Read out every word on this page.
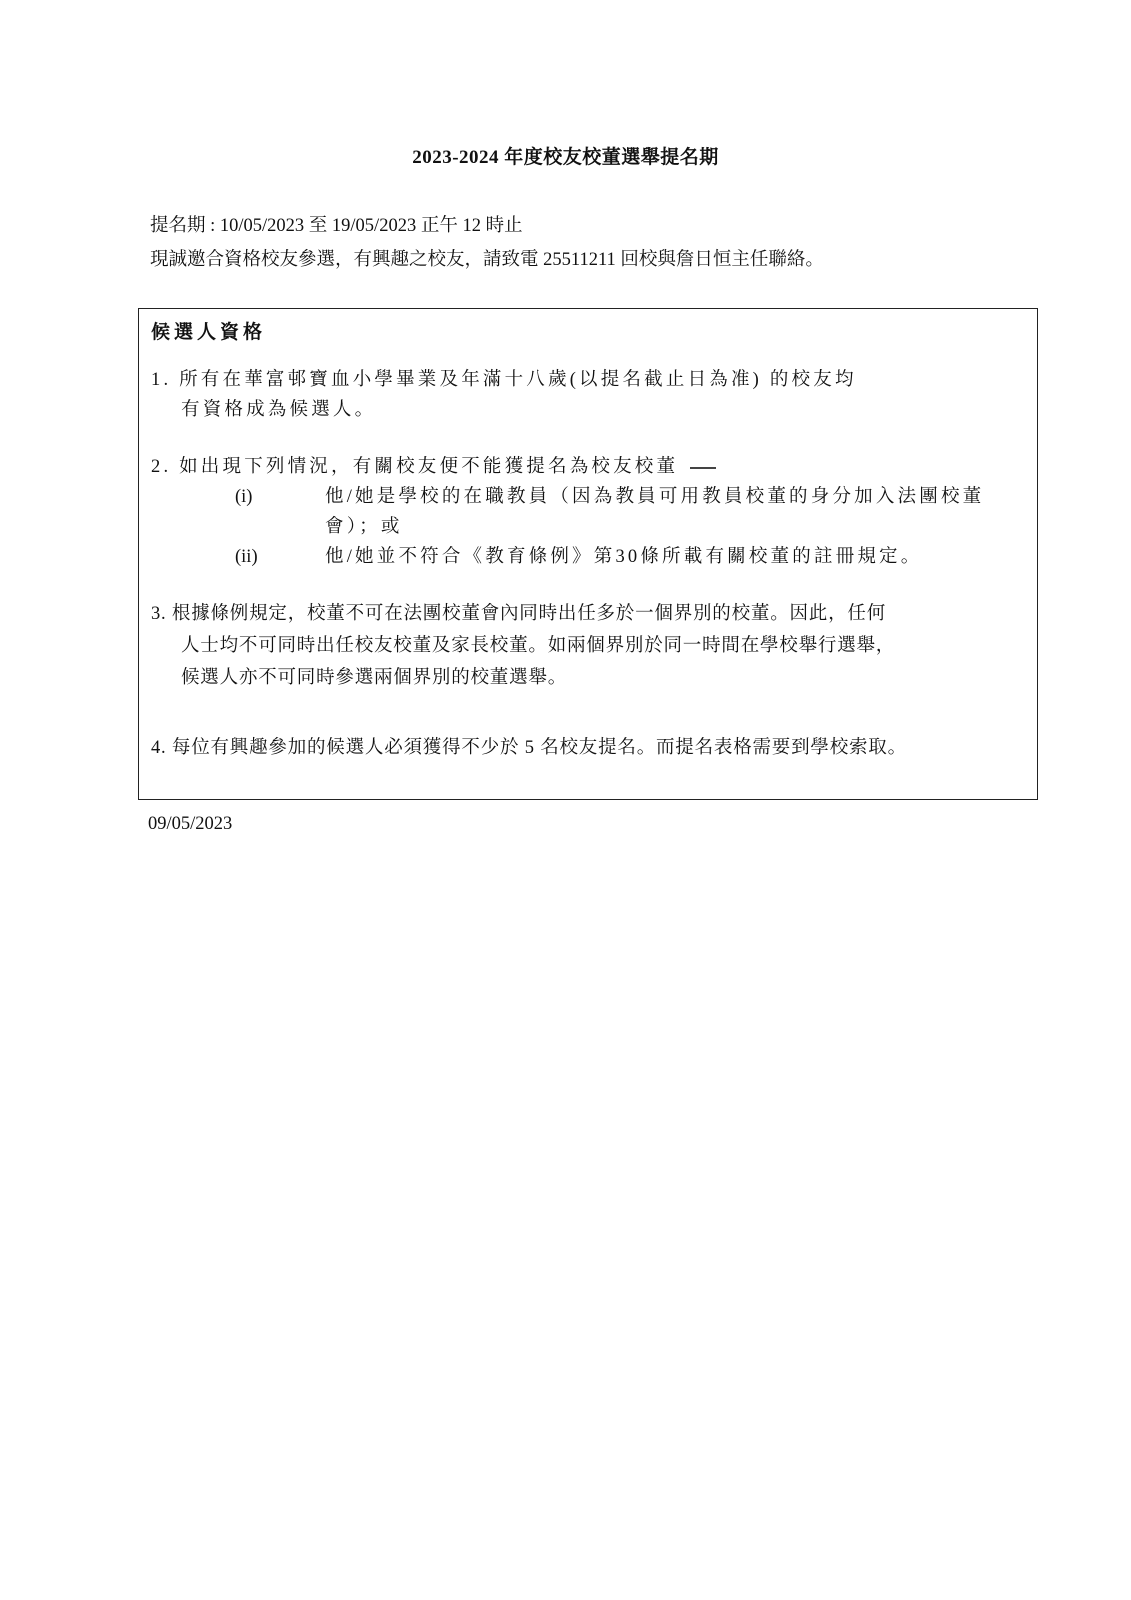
2023-2024 年度校友校董選舉提名期
提名期 : 10/05/2023 至 19/05/2023 正午 12 時止
現誠邀合資格校友參選，有興趣之校友，請致電 25511211 回校與詹日恒主任聯絡。
候選人資格
1. 所有在華富邨寶血小學畢業及年滿十八歲(以提名截止日為准) 的校友均
有資格成為候選人。
2. 如出現下列情況，有關校友便不能獲提名為校友校董
(i)	他/她是學校的在職教員（因為教員可用教員校董的身分加入法團校董會）；或
(ii)	他/她並不符合《教育條例》第30條所載有關校董的註冊規定。
3. 根據條例規定，校董不可在法團校董會內同時出任多於一個界別的校董。因此，任何
人士均不可同時出任校友校董及家長校董。如兩個界別於同一時間在學校舉行選舉，
候選人亦不可同時參選兩個界別的校董選舉。
4. 每位有興趣參加的候選人必須獲得不少於 5 名校友提名。而提名表格需要到學校索取。
09/05/2023
